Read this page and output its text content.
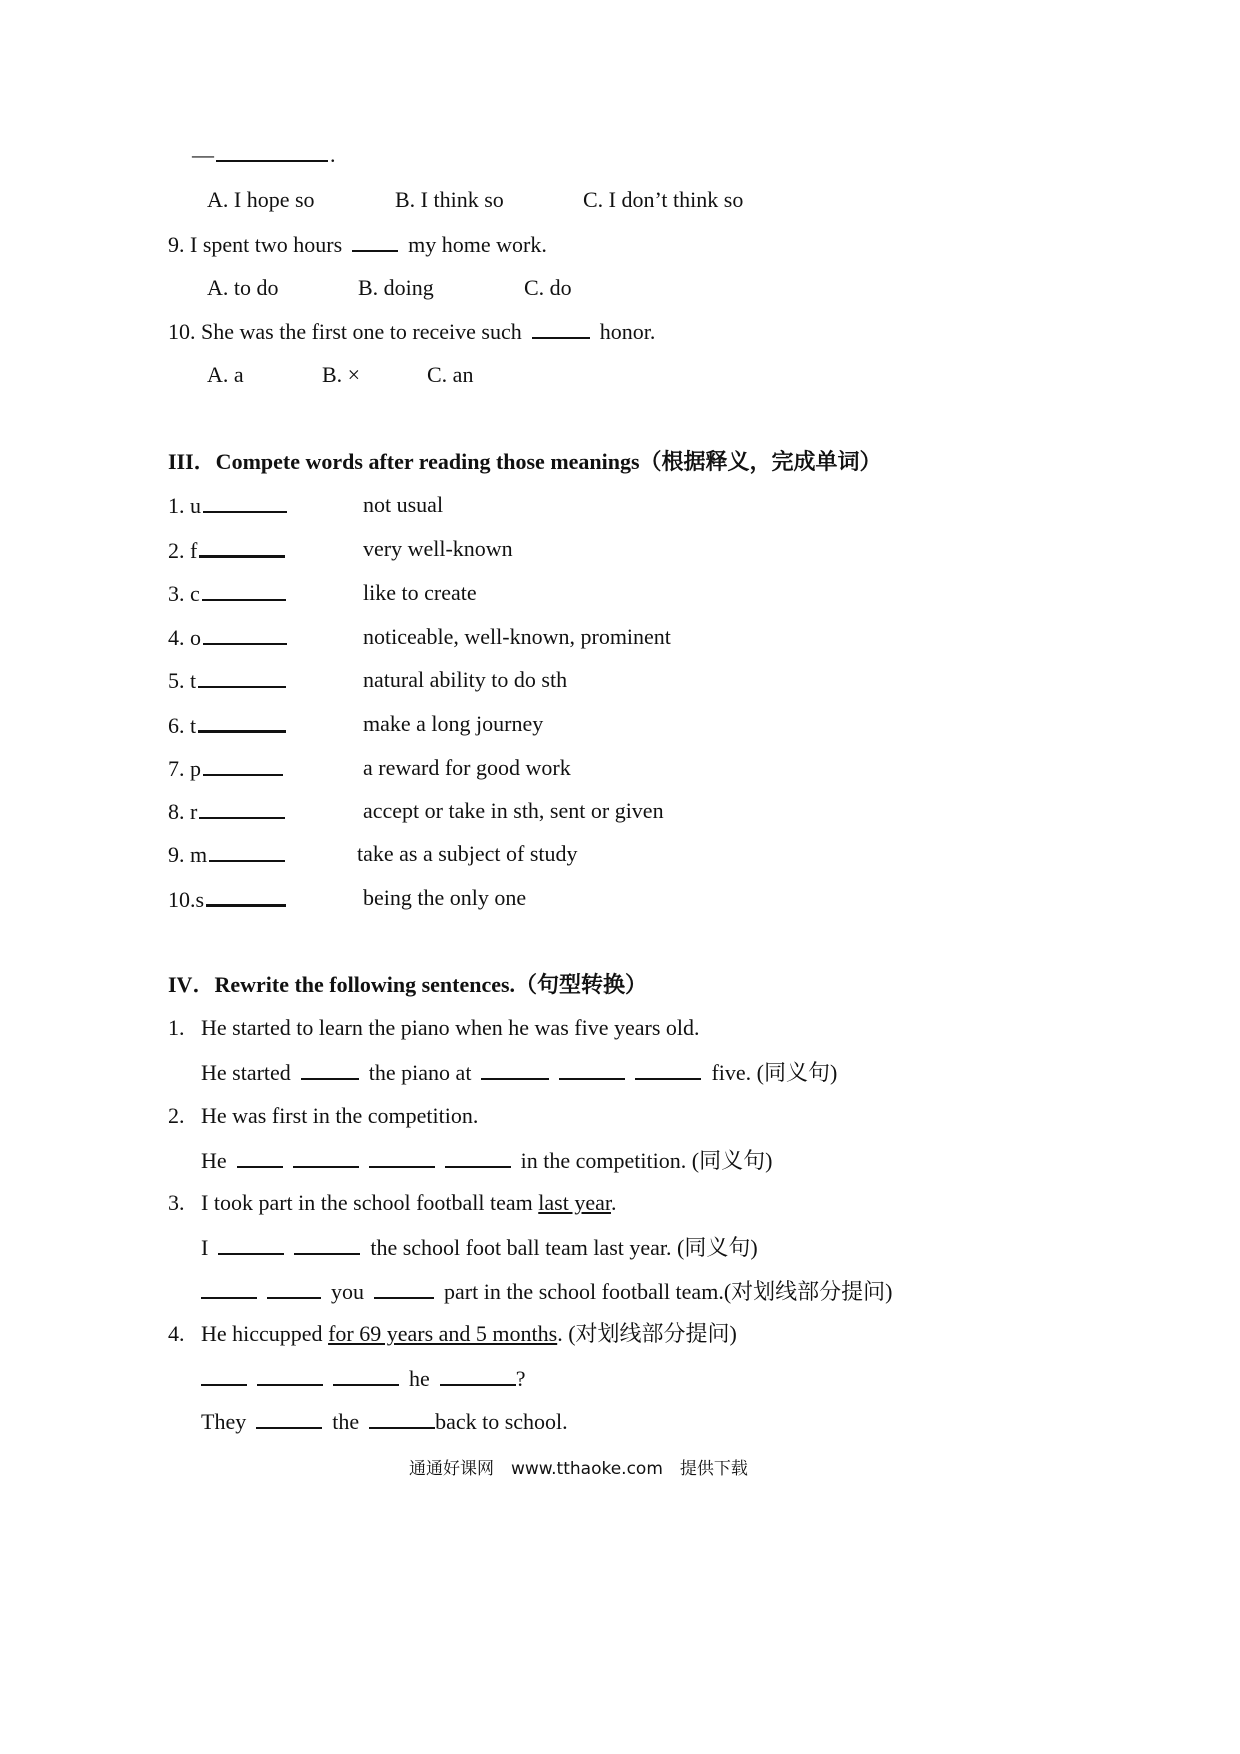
—	.
A. I hope so	B. I think so	C. I don’t think so
9. I spent two hours	my home work.
A. to do	B. doing	C. do
10. She was the first one to receive such	honor.
A. a	B. ×	C. an
III．Compete words after reading those meanings（根据释义，完成单词）
1. u	not usual
2. f	very well-known
3. c	like to create
4. o	noticeable, well-known, prominent
5. t	natural ability to do sth
6. t	make a long journey
7. p	a reward for good work
8. r	accept or take in sth, sent or given
9. m	take as a subject of study
10.s	being the only one
IV．Rewrite the following sentences.（句型转换）
1. He started to learn the piano when he was five years old.
He started	the piano at	five. (同义句)
2. He was first in the competition.
He	in the competition. (同义句)
3. I took part in the school football team last year.
I	the school foot ball team last year. (同义句)
you	part in the school football team.(对划线部分提问)
4. He hiccupped for 69 years and 5 months. (对划线部分提问)
he	?
They	the	back to school.
通通好课网　www.tthaoke.com　提供下载
